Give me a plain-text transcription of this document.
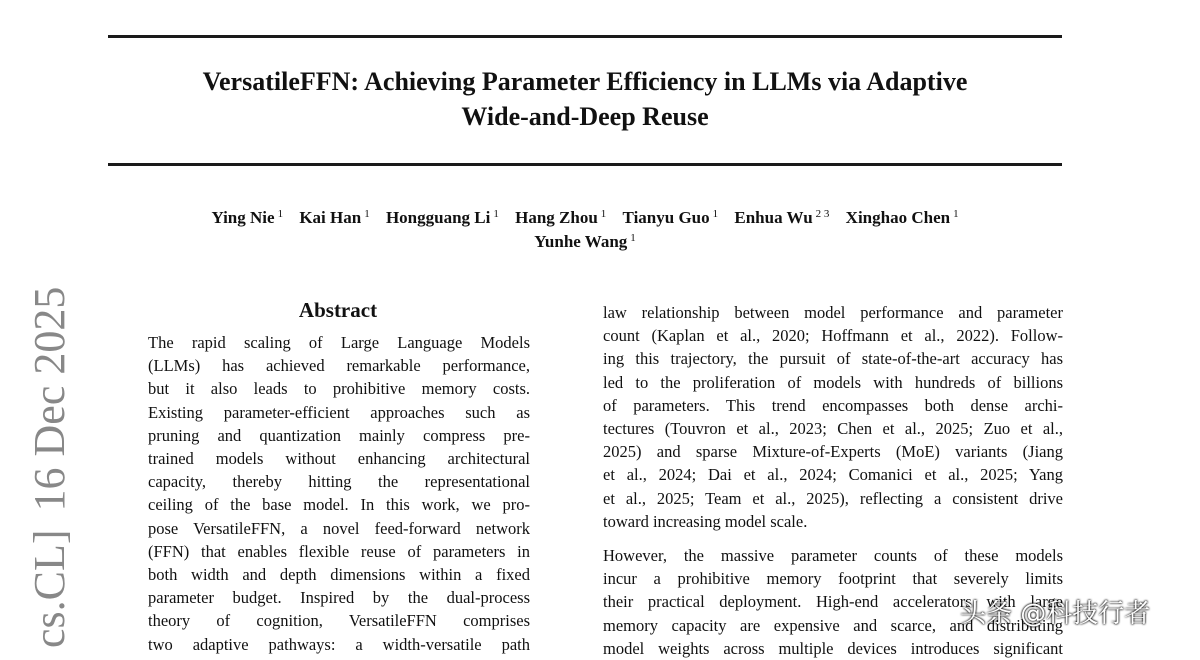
VersatileFFN: Achieving Parameter Efficiency in LLMs via Adaptive
Wide-and-Deep Reuse
Ying Nie $^1$ Kai Han $^1$ Hongguang Li $^1$ Hang Zhou $^1$ Tianyu Guo $^1$ Enhua Wu $^{2 3}$ Xinghao Chen $^1$
Yunhe Wang $^1$
cs.CL]16 Dec 2025	Abstract
The rapid scaling of Large Language Models
(LLMs) has achieved remarkable performance,
but it also leads to prohibitive memory costs.
Existing parameter-efficient approaches such as
pruning and quantization mainly compress pre-
trained models without enhancing architectural
capacity, thereby hitting the representational
ceiling of the base model. In this work, we pro-
pose VersatileFFN, a novel feed-forward network
(FFN) that enables flexible reuse of parameters in
both width and depth dimensions within a fixed
parameter budget. Inspired by the dual-process
theory of cognition, VersatileFFN comprises
two adaptive pathways: a width-versatile path
law relationship between model performance and parameter
count (Kaplan et al., 2020; Hoffmann et al., 2022). Follow-
ing this trajectory, the pursuit of state-of-the-art accuracy has
led to the proliferation of models with hundreds of billions
of parameters. This trend encompasses both dense archi-
tectures (Touvron et al., 2023; Chen et al., 2025; Zuo et al.,
2025) and sparse Mixture-of-Experts (MoE) variants (Jiang
et al., 2024; Dai et al., 2024; Comanici et al., 2025; Yang
et al., 2025; Team et al., 2025), reflecting a consistent drive
toward increasing model scale.
However, the massive parameter counts of these models
incur a prohibitive memory footprint that severely limits
their practical deployment. High-end accelerators with large
memory capacity are expensive and scarce, and distributing
model weights across multiple devices introduces significant
头条 @科技行者
